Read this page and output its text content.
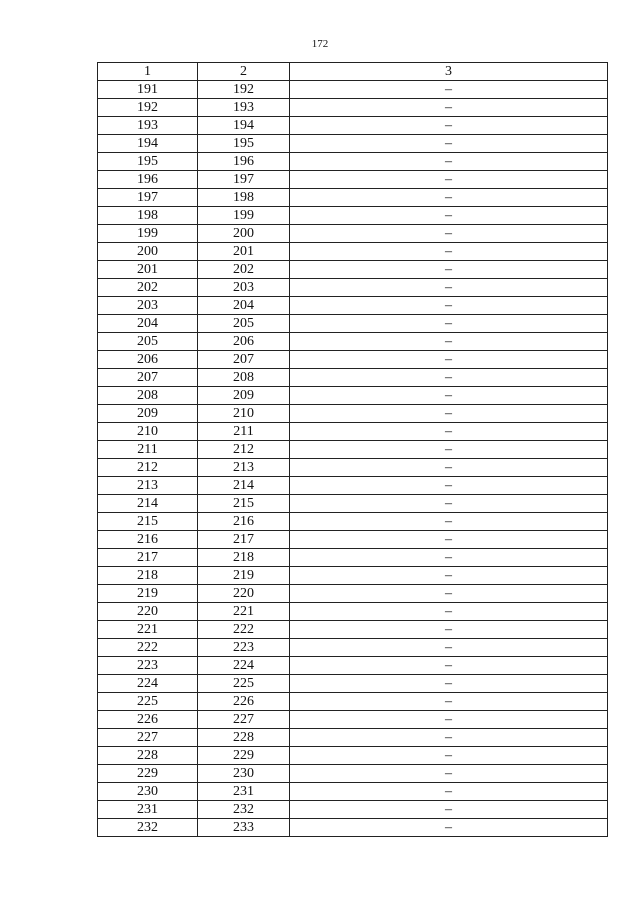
172
1	2	3
191	192	–
192	193	–
193	194	–
194	195	–
195	196	–
196	197	–
197	198	–
198	199	–
199	200	–
200	201	–
201	202	–
202	203	–
203	204	–
204	205	–
205	206	–
206	207	–
207	208	–
208	209	–
209	210	–
210	211	–
211	212	–
212	213	–
213	214	–
214	215	–
215	216	–
216	217	–
217	218	–
218	219	–
219	220	–
220	221	–
221	222	–
222	223	–
223	224	–
224	225	–
225	226	–
226	227	–
227	228	–
228	229	–
229	230	–
230	231	–
231	232	–
232	233	–
